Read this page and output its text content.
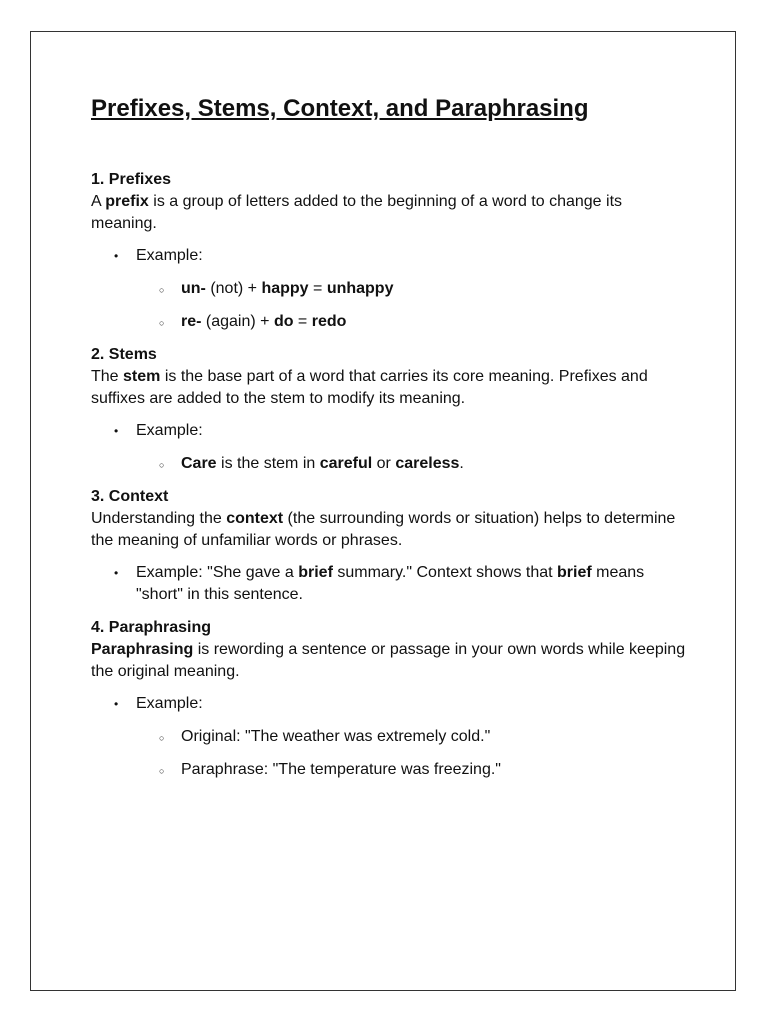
Prefixes, Stems, Context, and Paraphrasing
1. Prefixes

A prefix is a group of letters added to the beginning of a word to change its meaning.

• Example:
○ un- (not) + happy = unhappy
○ re- (again) + do = redo
2. Stems

The stem is the base part of a word that carries its core meaning. Prefixes and suffixes are added to the stem to modify its meaning.

• Example:
○ Care is the stem in careful or careless.
3. Context

Understanding the context (the surrounding words or situation) helps to determine the meaning of unfamiliar words or phrases.

• Example: "She gave a brief summary." Context shows that brief means "short" in this sentence.
4. Paraphrasing

Paraphrasing is rewording a sentence or passage in your own words while keeping the original meaning.

• Example:
○ Original: "The weather was extremely cold."
○ Paraphrase: "The temperature was freezing."
